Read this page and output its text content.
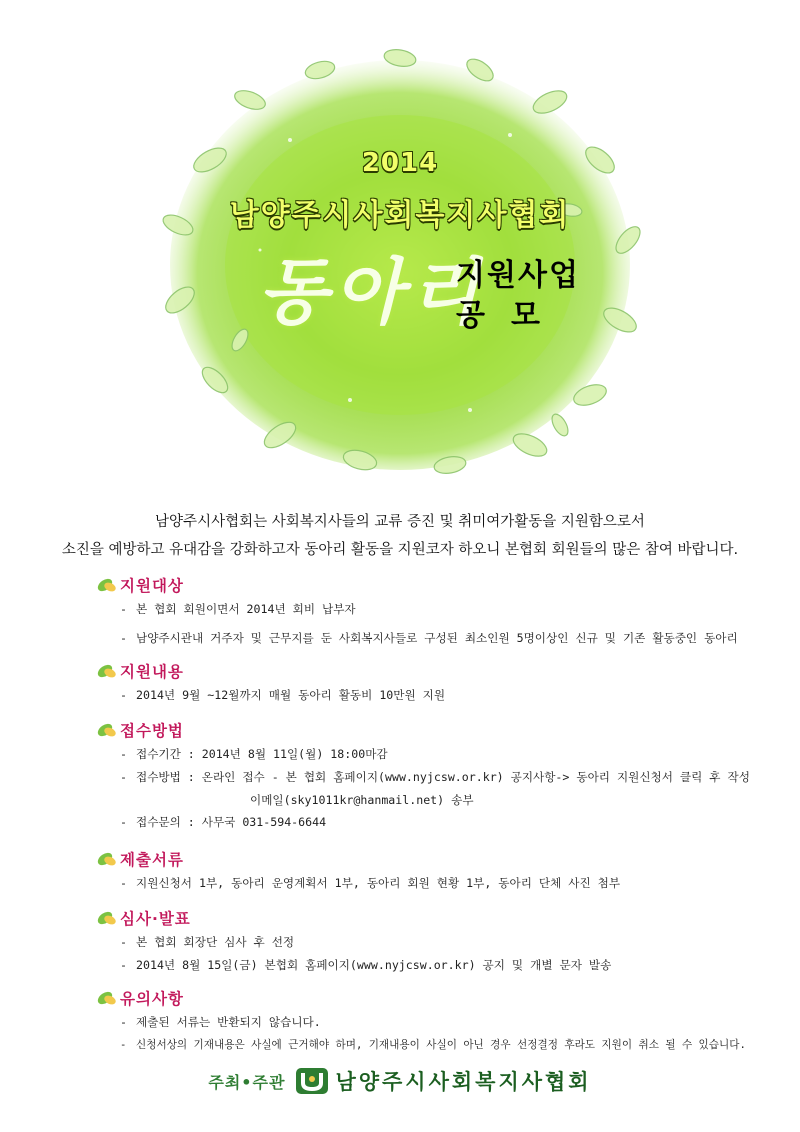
2014
남양주시사회복지사협회
동아리
지원사업
공모
남양주시사협회는 사회복지사들의 교류 증진 및 취미여가활동을 지원함으로서
소진을 예방하고 유대감을 강화하고자 동아리 활동을 지원코자 하오니 본협회 회원들의 많은 참여 바랍니다.
지원대상
- 본 협회 회원이면서 2014년 회비 납부자
- 남양주시관내 거주자 및 근무지를 둔 사회복지사들로 구성된 최소인원 5명이상인 신규 및 기존 활동중인 동아리
지원내용
- 2014년 9월 ~12월까지 매월 동아리 활동비 10만원 지원
접수방법
- 접수기간 : 2014년 8월 11일(월) 18:00마감
- 접수방법 : 온라인 접수 - 본 협회 홈페이지(www.nyjcsw.or.kr) 공지사항-> 동아리 지원신청서 클릭 후 작성
이메일(sky1011kr@hanmail.net) 송부
- 접수문의 : 사무국 031-594-6644
제출서류
- 지원신청서 1부, 동아리 운영계획서 1부, 동아리 회원 현황 1부, 동아리 단체 사진 첨부
심사·발표
- 본 협회 회장단 심사 후 선정
- 2014년 8월 15일(금) 본협회 홈페이지(www.nyjcsw.or.kr) 공지 및 개별 문자 발송
유의사항
- 제출된 서류는 반환되지 않습니다.
- 신청서상의 기재내용은 사실에 근거해야 하며, 기재내용이 사실이 아닌 경우 선정결정 후라도 지원이 취소 될 수 있습니다.
주최•주관 남양주시사회복지사협회
